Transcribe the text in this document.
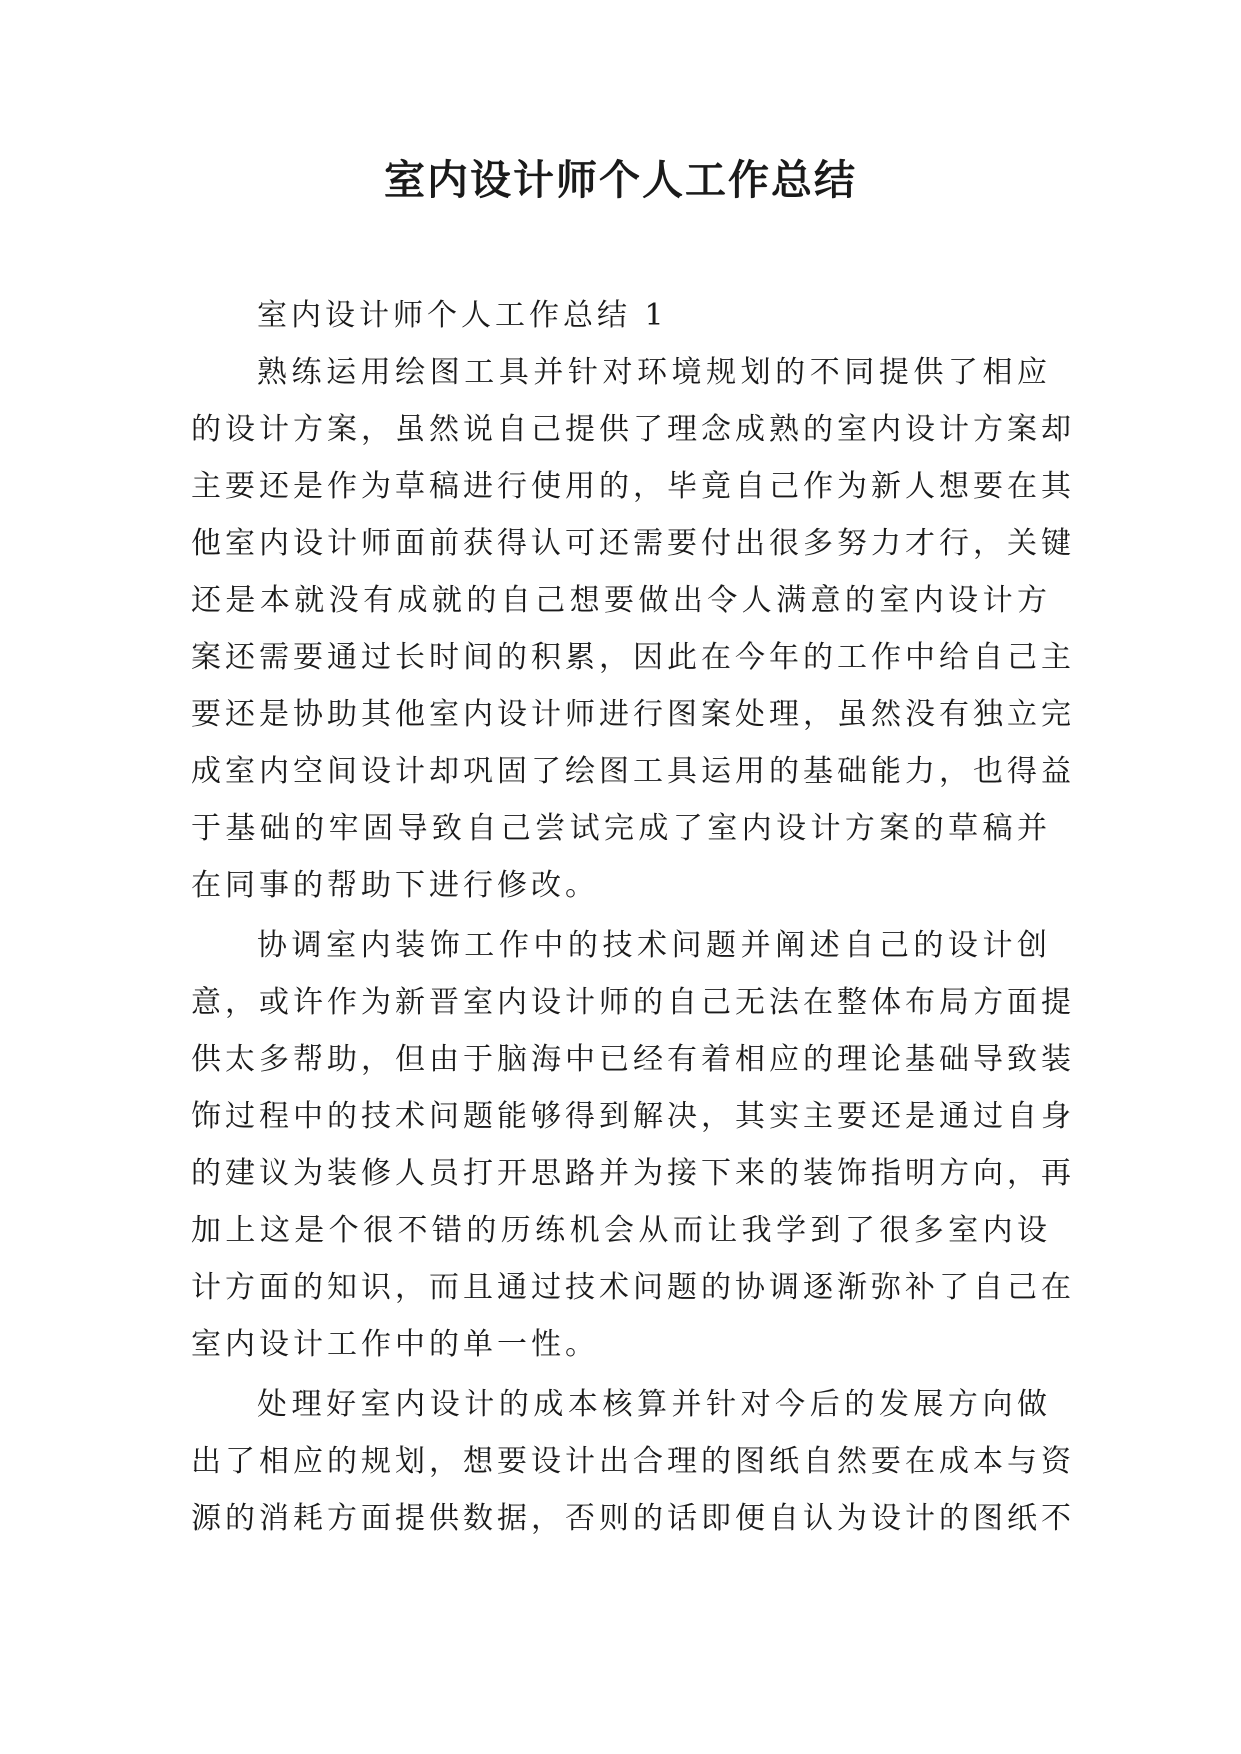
室内设计师个人工作总结

室内设计师个人工作总结 1

熟练运用绘图工具并针对环境规划的不同提供了相应
的设计方案，虽然说自己提供了理念成熟的室内设计方案却
主要还是作为草稿进行使用的，毕竟自己作为新人想要在其
他室内设计师面前获得认可还需要付出很多努力才行，关键
还是本就没有成就的自己想要做出令人满意的室内设计方
案还需要通过长时间的积累，因此在今年的工作中给自己主
要还是协助其他室内设计师进行图案处理，虽然没有独立完
成室内空间设计却巩固了绘图工具运用的基础能力，也得益
于基础的牢固导致自己尝试完成了室内设计方案的草稿并
在同事的帮助下进行修改。

协调室内装饰工作中的技术问题并阐述自己的设计创
意，或许作为新晋室内设计师的自己无法在整体布局方面提
供太多帮助，但由于脑海中已经有着相应的理论基础导致装
饰过程中的技术问题能够得到解决，其实主要还是通过自身
的建议为装修人员打开思路并为接下来的装饰指明方向，再
加上这是个很不错的历练机会从而让我学到了很多室内设
计方面的知识，而且通过技术问题的协调逐渐弥补了自己在
室内设计工作中的单一性。

处理好室内设计的成本核算并针对今后的发展方向做
出了相应的规划，想要设计出合理的图纸自然要在成本与资
源的消耗方面提供数据，否则的话即便自认为设计的图纸不
